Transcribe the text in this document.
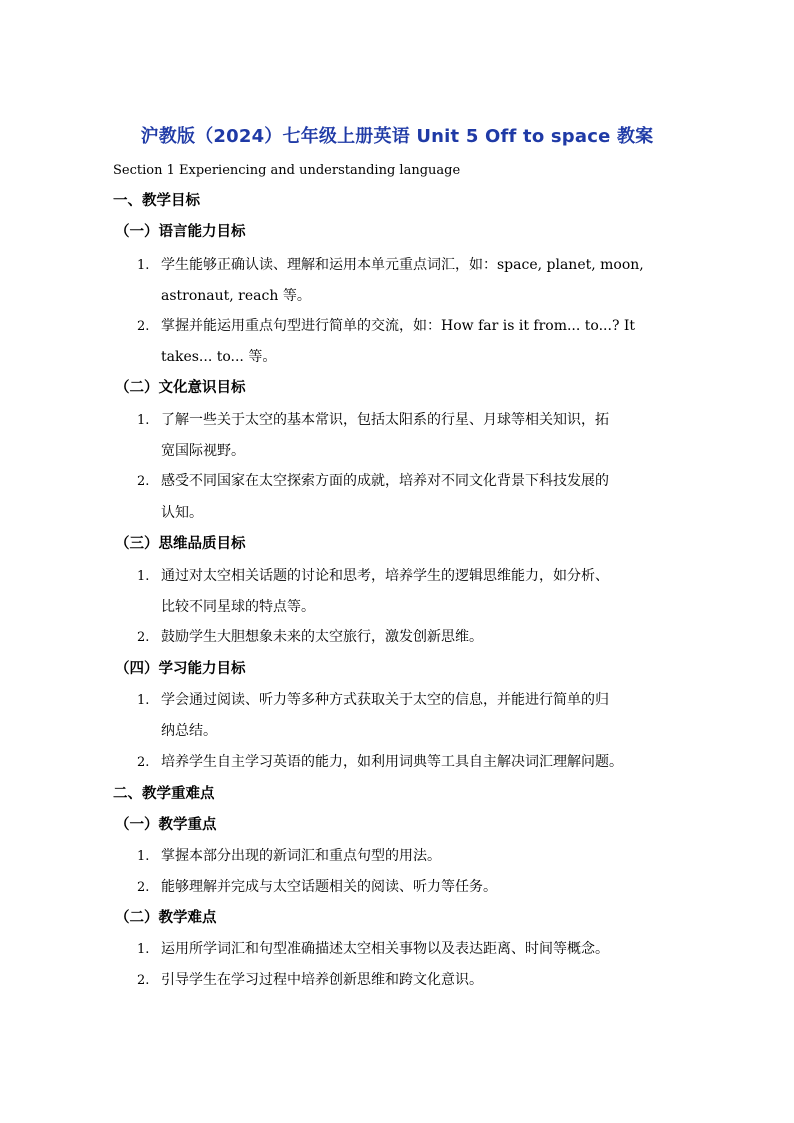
沪教版（2024）七年级上册英语 Unit 5 Off to space 教案
Section 1 Experiencing and understanding language
一、教学目标
（一）语言能力目标
1. 学生能够正确认读、理解和运用本单元重点词汇，如：space, planet, moon,
astronaut, reach 等。
2. 掌握并能运用重点句型进行简单的交流，如：How far is it from... to...? It
takes... to... 等。
（二）文化意识目标
1. 了解一些关于太空的基本常识，包括太阳系的行星、月球等相关知识，拓
宽国际视野。
2. 感受不同国家在太空探索方面的成就，培养对不同文化背景下科技发展的
认知。
（三）思维品质目标
1. 通过对太空相关话题的讨论和思考，培养学生的逻辑思维能力，如分析、
比较不同星球的特点等。
2. 鼓励学生大胆想象未来的太空旅行，激发创新思维。
（四）学习能力目标
1. 学会通过阅读、听力等多种方式获取关于太空的信息，并能进行简单的归
纳总结。
2. 培养学生自主学习英语的能力，如利用词典等工具自主解决词汇理解问题。
二、教学重难点
（一）教学重点
1. 掌握本部分出现的新词汇和重点句型的用法。
2. 能够理解并完成与太空话题相关的阅读、听力等任务。
（二）教学难点
1. 运用所学词汇和句型准确描述太空相关事物以及表达距离、时间等概念。
2. 引导学生在学习过程中培养创新思维和跨文化意识。
